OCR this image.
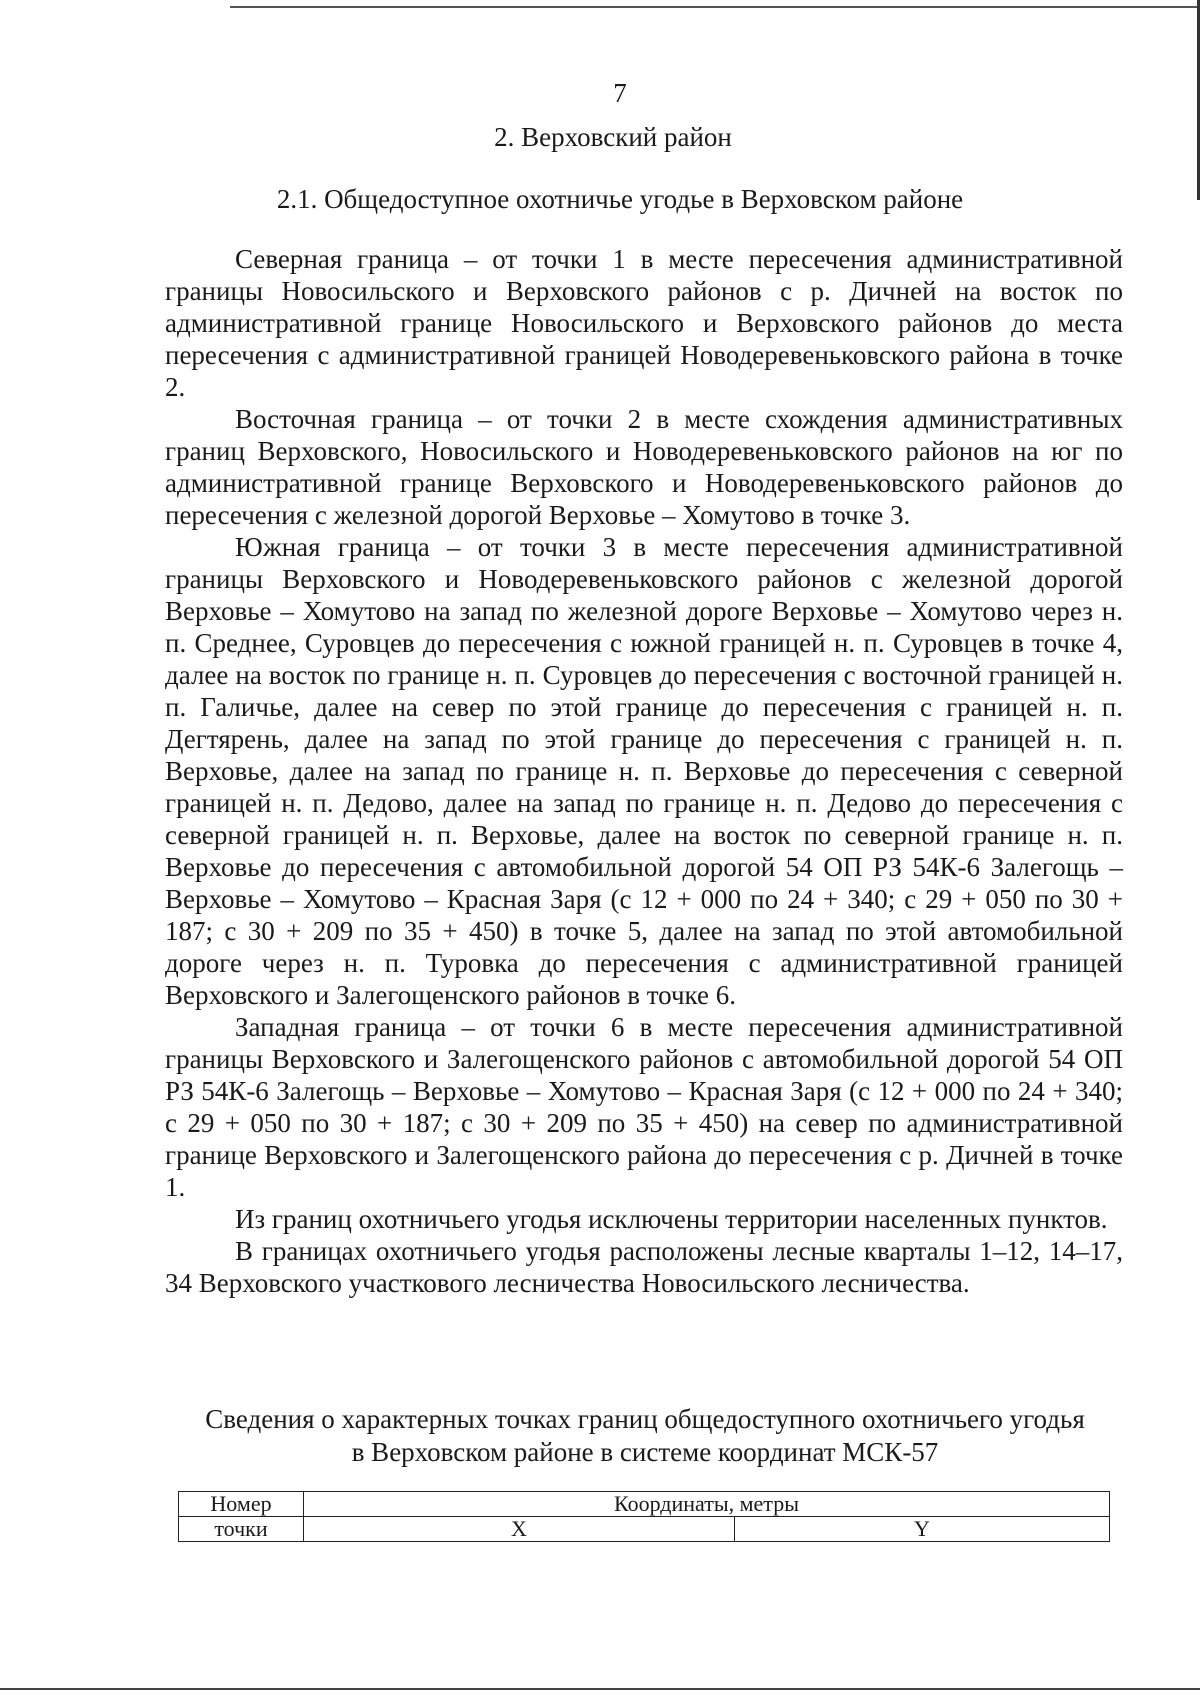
7
2. Верховский район
2.1. Общедоступное охотничье угодье в Верховском районе

Северная граница – от точки 1 в месте пересечения административной границы Новосильского и Верховского районов с р. Дичней на восток по административной границе Новосильского и Верховского районов до места пересечения с административной границей Новодеревеньковского района в точке 2.

Восточная граница – от точки 2 в месте схождения административных границ Верховского, Новосильского и Новодеревеньковского районов на юг по административной границе Верховского и Новодеревеньковского районов до пересечения с железной дорогой Верховье – Хомутово в точке 3.

Южная граница – от точки 3 в месте пересечения административной границы Верховского и Новодеревеньковского районов с железной дорогой Верховье – Хомутово на запад по железной дороге Верховье – Хомутово через н. п. Среднее, Суровцев до пересечения с южной границей н. п. Суровцев в точке 4, далее на восток по границе н. п. Суровцев до пересечения с восточной границей н. п. Галичье, далее на север по этой границе до пересечения с границей н. п. Дегтярень, далее на запад по этой границе до пересечения с границей н. п. Верховье, далее на запад по границе н. п. Верховье до пересечения с северной границей н. п. Дедово, далее на запад по границе н. п. Дедово до пересечения с северной границей н. п. Верховье, далее на восток по северной границе н. п. Верховье до пересечения с автомобильной дорогой 54 ОП РЗ 54К-6 Залегощь – Верховье – Хомутово – Красная Заря (с 12 + 000 по 24 + 340; с 29 + 050 по 30 + 187; с 30 + 209 по 35 + 450) в точке 5, далее на запад по этой автомобильной дороге через н. п. Туровка до пересечения с административной границей Верховского и Залегощенского районов в точке 6.

Западная граница – от точки 6 в месте пересечения административной границы Верховского и Залегощенского районов с автомобильной дорогой 54 ОП РЗ 54К-6 Залегощь – Верховье – Хомутово – Красная Заря (с 12 + 000 по 24 + 340; с 29 + 050 по 30 + 187; с 30 + 209 по 35 + 450) на север по административной границе Верховского и Залегощенского района до пересечения с р. Дичней в точке 1.

Из границ охотничьего угодья исключены территории населенных пунктов.

В границах охотничьего угодья расположены лесные кварталы 1–12, 14–17, 34 Верховского участкового лесничества Новосильского лесничества.

Сведения о характерных точках границ общедоступного охотничьего угодья
в Верховском районе в системе координат МСК-57
Номер	Координаты, метры	
точки	X	Y
